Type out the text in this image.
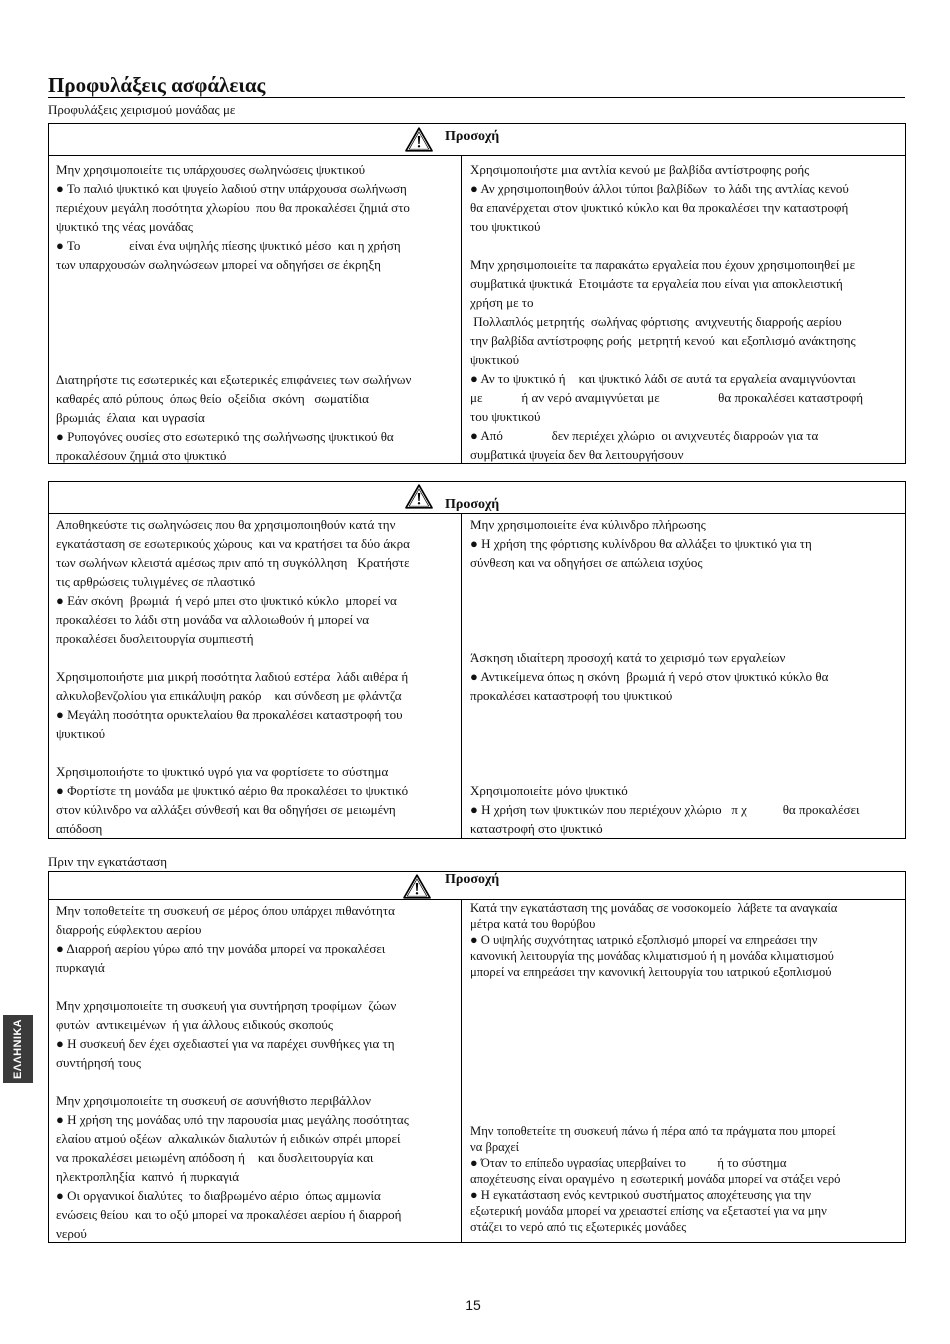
Προφυλάξεις ασφάλειας
Προφυλάξεις χειρισμού μονάδας με
Προσοχή
Μην χρησιμοποιείτε τις υπάρχουσες σωληνώσεις ψυκτικού
● Το παλιό ψυκτικό και ψυγείο λαδιού στην υπάρχουσα σωλήνωση
περιέχουν μεγάλη ποσότητα χλωρίου  που θα προκαλέσει ζημιά στο
ψυκτικό της νέας μονάδας
● Το               είναι ένα υψηλής πίεσης ψυκτικό μέσο  και η χρήση
των υπαρχουσών σωληνώσεων μπορεί να οδηγήσει σε έκρηξη
Διατηρήστε τις εσωτερικές και εξωτερικές επιφάνειες των σωλήνων
καθαρές από ρύπους  όπως θείο  οξείδια  σκόνη   σωματίδια
βρωμιάς  έλαια  και υγρασία
● Ρυπογόνες ουσίες στο εσωτερικό της σωλήνωσης ψυκτικού θα
προκαλέσουν ζημιά στο ψυκτικό
Χρησιμοποιήστε μια αντλία κενού με βαλβίδα αντίστροφης ροής
● Αν χρησιμοποιηθούν άλλοι τύποι βαλβίδων  το λάδι της αντλίας κενού
θα επανέρχεται στον ψυκτικό κύκλο και θα προκαλέσει την καταστροφή
του ψυκτικού
Μην χρησιμοποιείτε τα παρακάτω εργαλεία που έχουν χρησιμοποιηθεί με
συμβατικά ψυκτικά  Ετοιμάστε τα εργαλεία που είναι για αποκλειστική
χρήση με το
Πολλαπλός μετρητής  σωλήνας φόρτισης  ανιχνευτής διαρροής αερίου
την βαλβίδα αντίστροφης ροής  μετρητή κενού  και εξοπλισμό ανάκτησης
ψυκτικού
● Αν το ψυκτικό ή    και ψυκτικό λάδι σε αυτά τα εργαλεία αναμιγνύονται
με            ή αν νερό αναμιγνύεται με                  θα προκαλέσει καταστροφή
του ψυκτικού
● Από               δεν περιέχει χλώριο  οι ανιχνευτές διαρροών για τα
συμβατικά ψυγεία δεν θα λειτουργήσουν
Προσοχή
Αποθηκεύστε τις σωληνώσεις που θα χρησιμοποιηθούν κατά την
εγκατάσταση σε εσωτερικούς χώρους  και να κρατήσει τα δύο άκρα
των σωλήνων κλειστά αμέσως πριν από τη συγκόλληση   Κρατήστε
τις αρθρώσεις τυλιγμένες σε πλαστικό
● Εάν σκόνη  βρωμιά  ή νερό μπει στο ψυκτικό κύκλο  μπορεί να
προκαλέσει το λάδι στη μονάδα να αλλοιωθούν ή μπορεί να
προκαλέσει δυσλειτουργία συμπιεστή
Χρησιμοποιήστε μια μικρή ποσότητα λαδιού εστέρα  λάδι αιθέρα ή
αλκυλοβενζολίου για επικάλυψη ρακόρ    και σύνδεση με φλάντζα
● Μεγάλη ποσότητα ορυκτελαίου θα προκαλέσει καταστροφή του
ψυκτικού
Χρησιμοποιήστε το ψυκτικό υγρό για να φορτίσετε το σύστημα
● Φορτίστε τη μονάδα με ψυκτικό αέριο θα προκαλέσει το ψυκτικό
στον κύλινδρο να αλλάξει σύνθεσή και θα οδηγήσει σε μειωμένη
απόδοση
Μην χρησιμοποιείτε ένα κύλινδρο πλήρωσης
● Η χρήση της φόρτισης κυλίνδρου θα αλλάξει το ψυκτικό για τη
σύνθεση και να οδηγήσει σε απώλεια ισχύος
Άσκηση ιδιαίτερη προσοχή κατά το χειρισμό των εργαλείων
● Αντικείμενα όπως η σκόνη  βρωμιά ή νερό στον ψυκτικό κύκλο θα
προκαλέσει καταστροφή του ψυκτικού
Χρησιμοποιείτε μόνο ψυκτικό
● Η χρήση των ψυκτικών που περιέχουν χλώριο   π χ           θα προκαλέσει
καταστροφή στο ψυκτικό
Πριν την εγκατάσταση
Προσοχή
Μην τοποθετείτε τη συσκευή σε μέρος όπου υπάρχει πιθανότητα
διαρροής εύφλεκτου αερίου
● Διαρροή αερίου γύρω από την μονάδα μπορεί να προκαλέσει
πυρκαγιά
Μην χρησιμοποιείτε τη συσκευή για συντήρηση τροφίμων  ζώων
φυτών  αντικειμένων  ή για άλλους ειδικούς σκοπούς
● Η συσκευή δεν έχει σχεδιαστεί για να παρέχει συνθήκες για τη
συντήρησή τους
Μην χρησιμοποιείτε τη συσκευή σε ασυνήθιστο περιβάλλον
● Η χρήση της μονάδας υπό την παρουσία μιας μεγάλης ποσότητας
ελαίου ατμού οξέων  αλκαλικών διαλυτών ή ειδικών σπρέι μπορεί
να προκαλέσει μειωμένη απόδοση ή    και δυσλειτουργία και
ηλεκτροπληξία  καπνό  ή πυρκαγιά
● Οι οργανικοί διαλύτες  το διαβρωμένο αέριο  όπως αμμωνία
ενώσεις θείου  και το οξύ μπορεί να προκαλέσει αερίου ή διαρροή
νερού
Κατά την εγκατάσταση της μονάδας σε νοσοκομείο  λάβετε τα αναγκαία
μέτρα κατά του θορύβου
● Ο υψηλής συχνότητας ιατρικό εξοπλισμό μπορεί να επηρεάσει την
κανονική λειτουργία της μονάδας κλιματισμού ή η μονάδα κλιματισμού
μπορεί να επηρεάσει την κανονική λειτουργία του ιατρικού εξοπλισμού
Μην τοποθετείτε τη συσκευή πάνω ή πέρα από τα πράγματα που μπορεί
να βραχεί
● Όταν το επίπεδο υγρασίας υπερβαίνει το          ή το σύστημα
αποχέτευσης είναι οραγμένο  η εσωτερική μονάδα μπορεί να στάξει νερό
● Η εγκατάσταση ενός κεντρικού συστήματος αποχέτευσης για την
εξωτερική μονάδα μπορεί να χρειαστεί επίσης να εξεταστεί για να μην
στάζει το νερό από τις εξωτερικές μονάδες
ΕΛΛΗΝΙΚΑ
15
